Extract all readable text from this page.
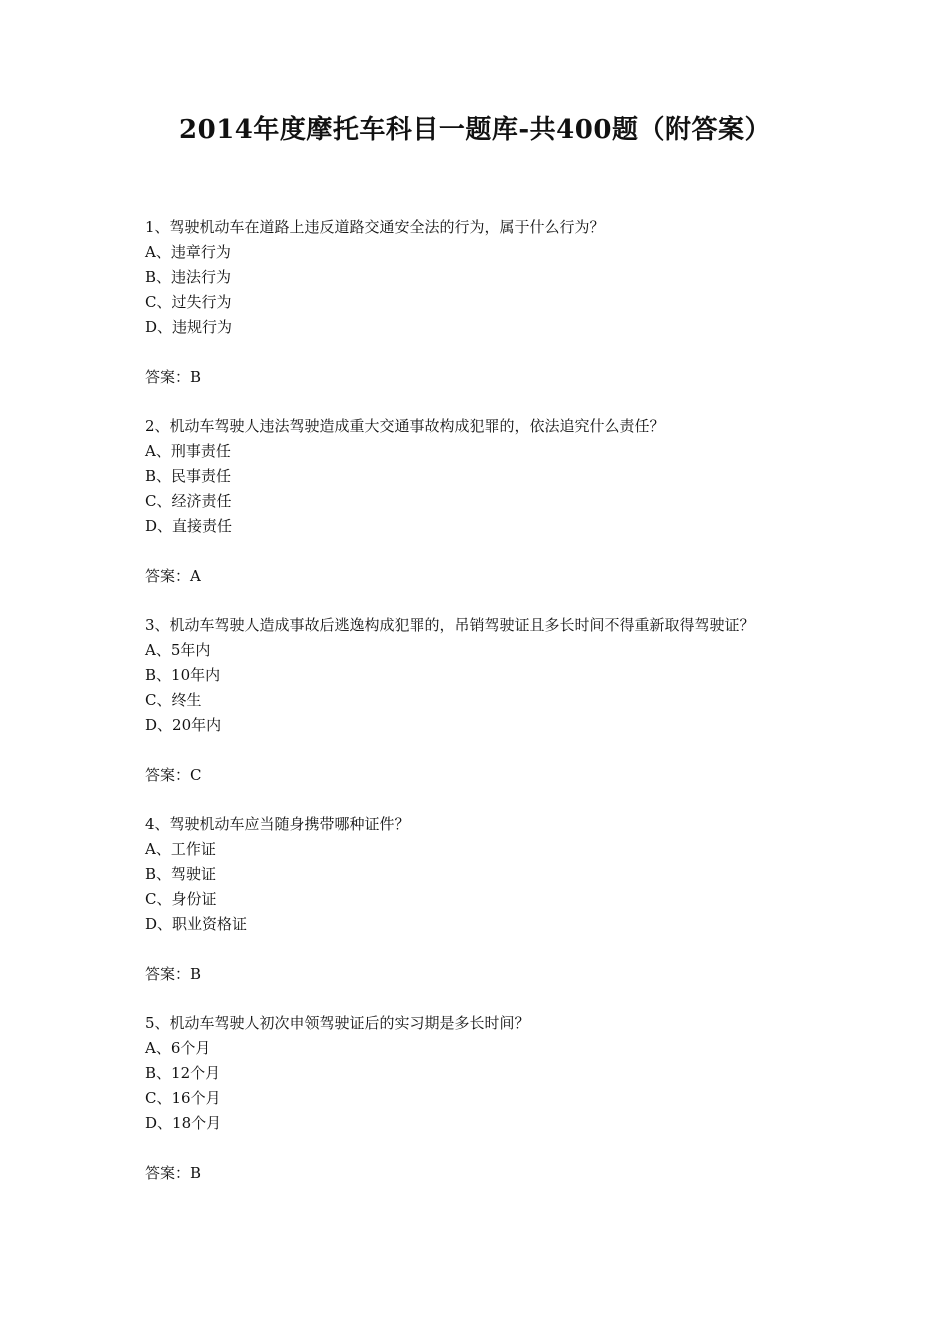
2014年度摩托车科目一题库-共400题（附答案）
1、驾驶机动车在道路上违反道路交通安全法的行为，属于什么行为？
A、违章行为
B、违法行为
C、过失行为
D、违规行为
答案：B
2、机动车驾驶人违法驾驶造成重大交通事故构成犯罪的，依法追究什么责任？
A、刑事责任
B、民事责任
C、经济责任
D、直接责任
答案：A
3、机动车驾驶人造成事故后逃逸构成犯罪的，吊销驾驶证且多长时间不得重新取得驾驶证？
A、5年内
B、10年内
C、终生
D、20年内
答案：C
4、驾驶机动车应当随身携带哪种证件？
A、工作证
B、驾驶证
C、身份证
D、职业资格证
答案：B
5、机动车驾驶人初次申领驾驶证后的实习期是多长时间？
A、6个月
B、12个月
C、16个月
D、18个月
答案：B
